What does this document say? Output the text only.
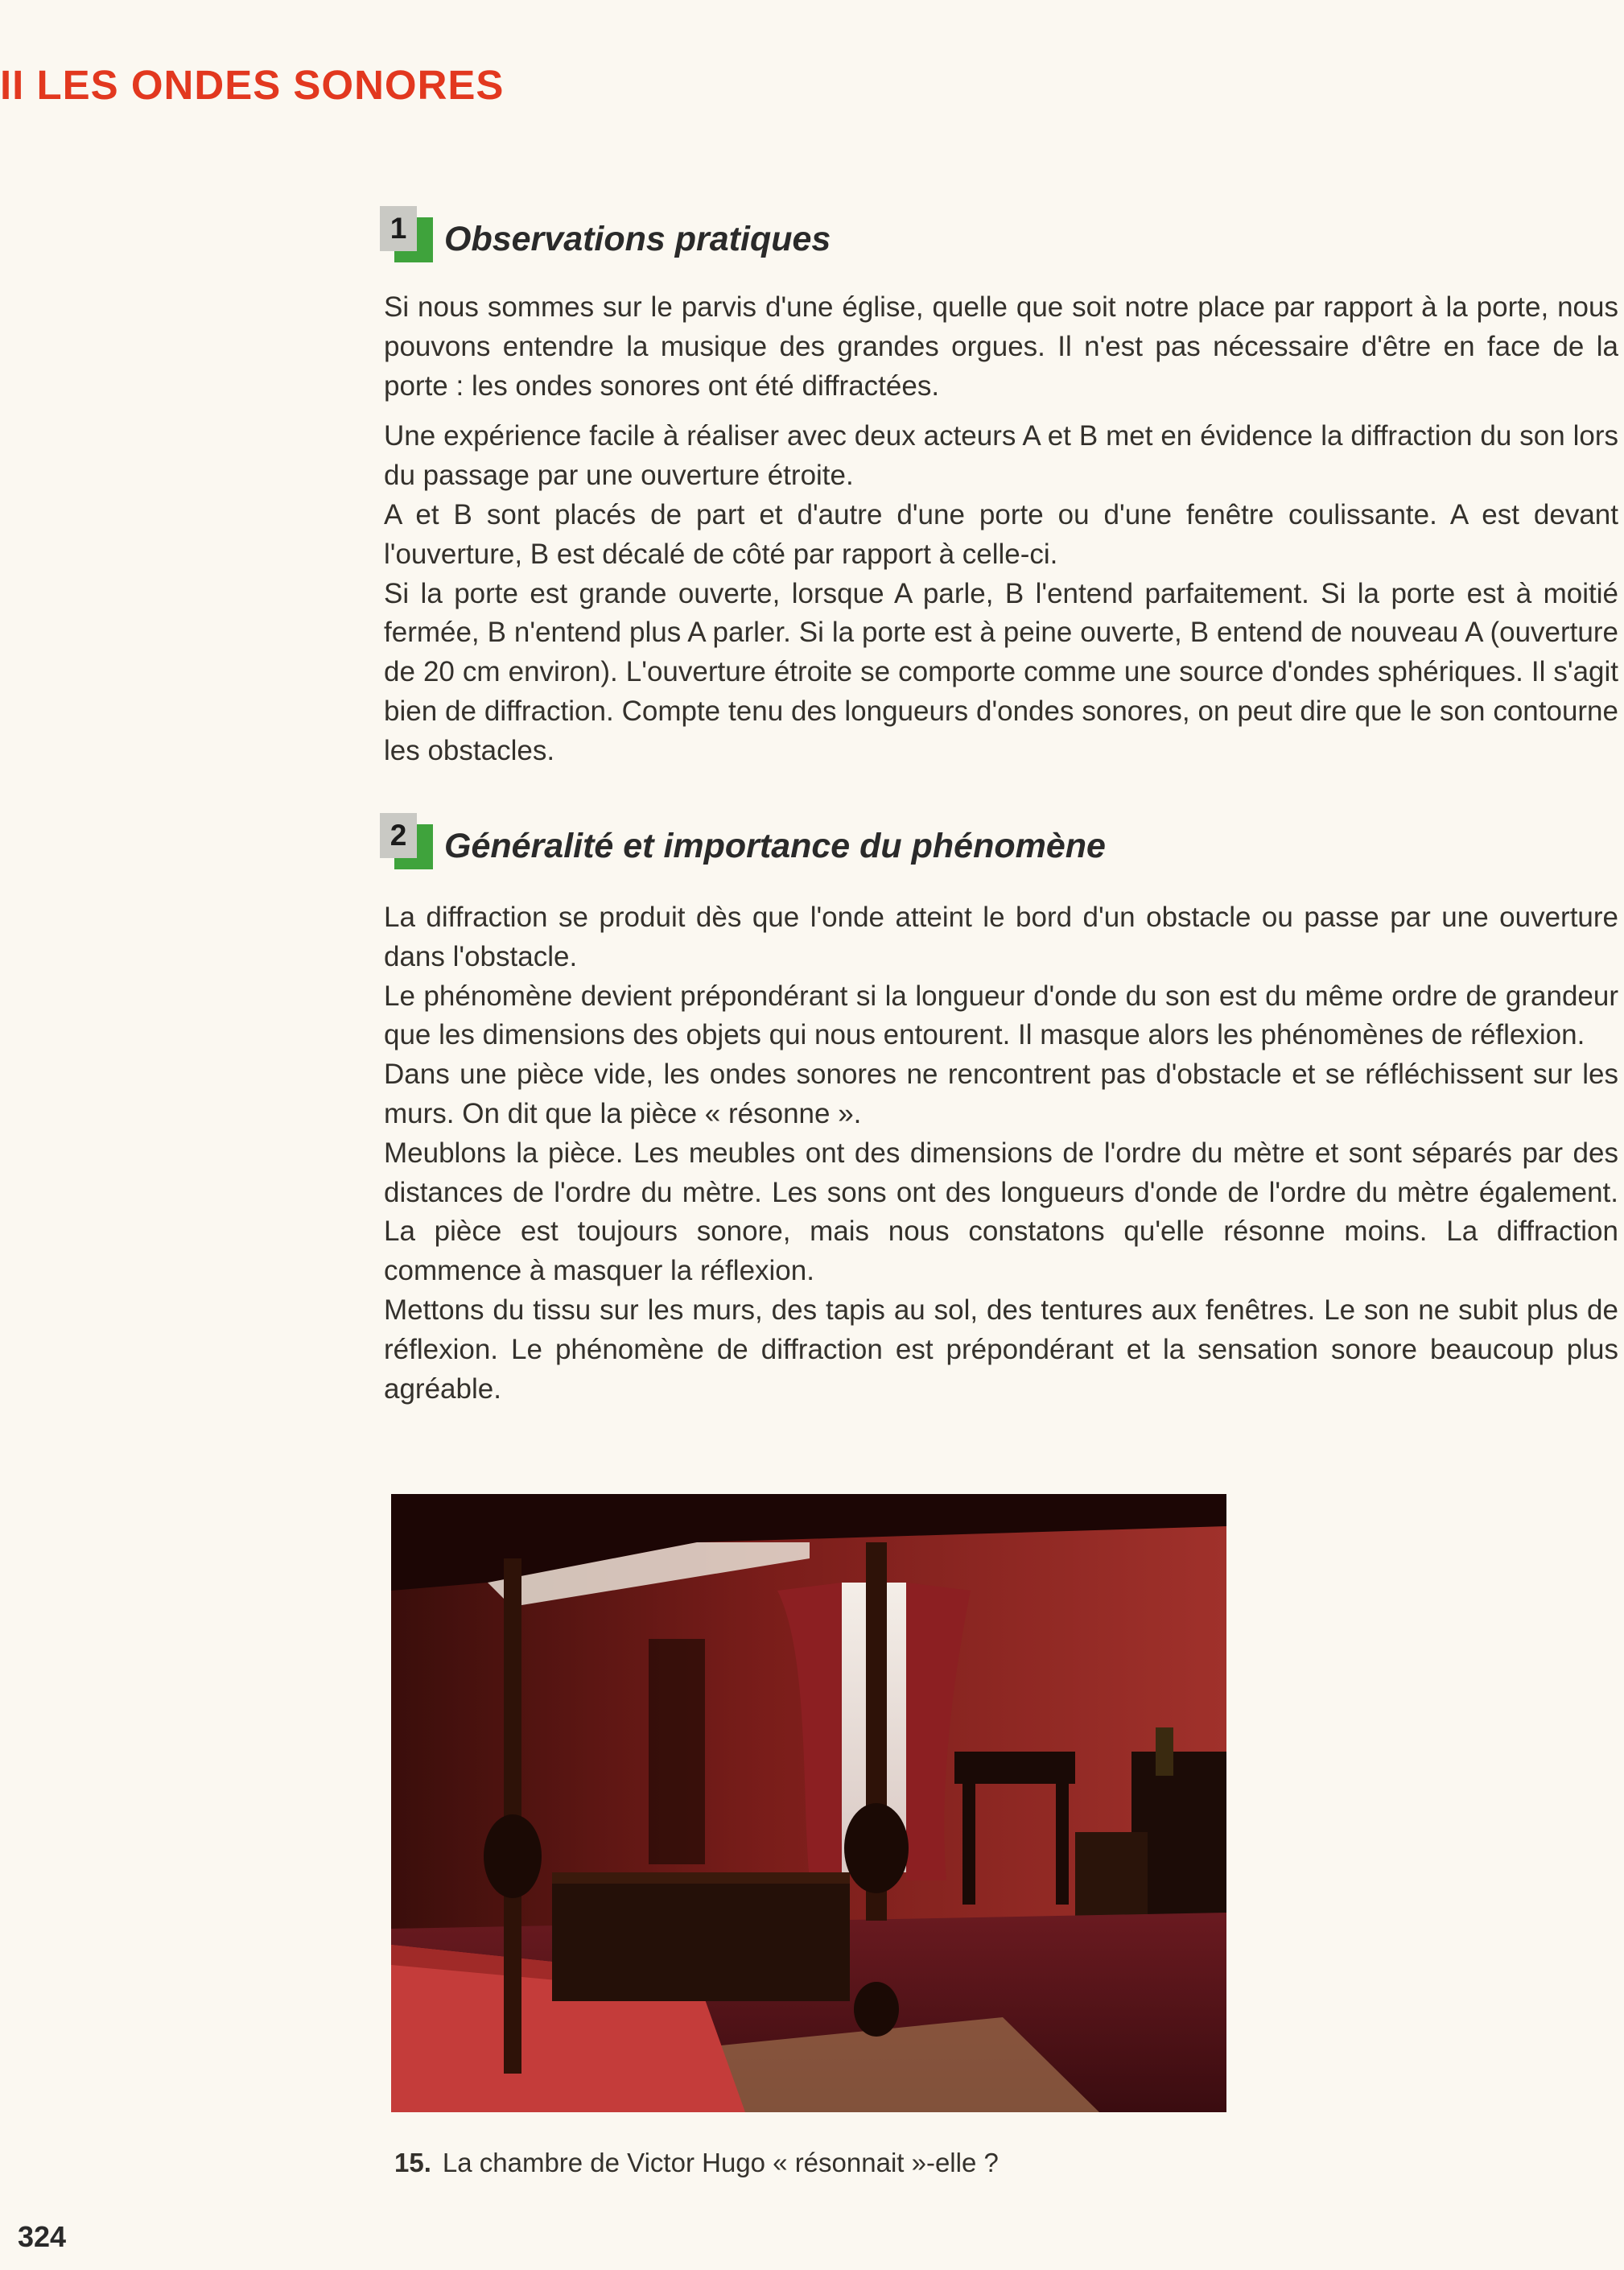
II LES ONDES SONORES
1 Observations pratiques

Si nous sommes sur le parvis d'une église, quelle que soit notre place par rapport à la porte, nous pouvons entendre la musique des grandes orgues. Il n'est pas nécessaire d'être en face de la porte : les ondes sonores ont été diffractées.

Une expérience facile à réaliser avec deux acteurs A et B met en évidence la diffraction du son lors du passage par une ouverture étroite.

A et B sont placés de part et d'autre d'une porte ou d'une fenêtre coulissante. A est devant l'ouverture, B est décalé de côté par rapport à celle-ci.

Si la porte est grande ouverte, lorsque A parle, B l'entend parfaitement. Si la porte est à moitié fermée, B n'entend plus A parler. Si la porte est à peine ouverte, B entend de nouveau A (ouverture de 20 cm environ). L'ouverture étroite se comporte comme une source d'ondes sphériques. Il s'agit bien de diffraction. Compte tenu des longueurs d'ondes sonores, on peut dire que le son contourne les obstacles.

2 Généralité et importance du phénomène

La diffraction se produit dès que l'onde atteint le bord d'un obstacle ou passe par une ouverture dans l'obstacle.

Le phénomène devient prépondérant si la longueur d'onde du son est du même ordre de grandeur que les dimensions des objets qui nous entourent. Il masque alors les phénomènes de réflexion.

Dans une pièce vide, les ondes sonores ne rencontrent pas d'obstacle et se réfléchissent sur les murs. On dit que la pièce « résonne ».

Meublons la pièce. Les meubles ont des dimensions de l'ordre du mètre et sont séparés par des distances de l'ordre du mètre. Les sons ont des longueurs d'onde de l'ordre du mètre également. La pièce est toujours sonore, mais nous constatons qu'elle résonne moins. La diffraction commence à masquer la réflexion.

Mettons du tissu sur les murs, des tapis au sol, des tentures aux fenêtres. Le son ne subit plus de réflexion. Le phénomène de diffraction est prépondérant et la sensation sonore beaucoup plus agréable.

15. La chambre de Victor Hugo « résonnait »-elle ?
324
